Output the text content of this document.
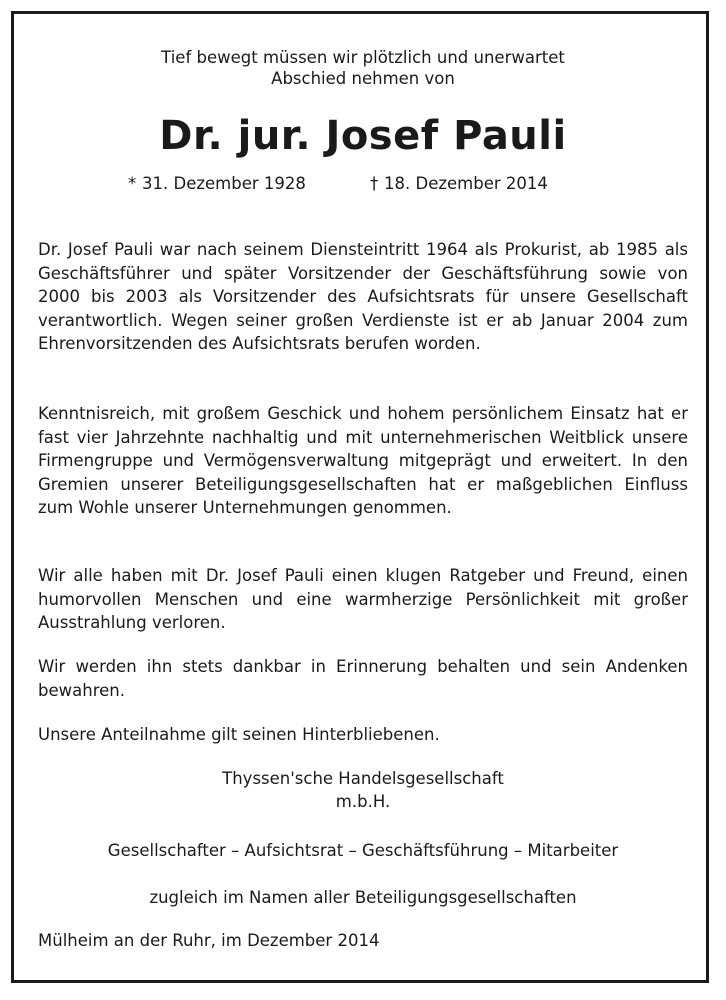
Tief bewegt müssen wir plötzlich und unerwartet
Abschied nehmen von
Dr. jur. Josef Pauli
* 31. Dezember 1928	† 18. Dezember 2014
Dr. Josef Pauli war nach seinem Diensteintritt 1964 als Prokurist, ab 1985 als Geschäftsführer und später Vorsitzender der Geschäftsführung sowie von 2000 bis 2003 als Vorsitzender des Aufsichtsrats für unsere Gesellschaft verantwortlich. Wegen seiner großen Verdienste ist er ab Januar 2004 zum Ehrenvorsitzenden des Aufsichtsrats berufen worden.
Kenntnisreich, mit großem Geschick und hohem persönlichem Einsatz hat er fast vier Jahrzehnte nachhaltig und mit unternehmerischen Weitblick unsere Firmengruppe und Vermögensverwaltung mitgeprägt und erweitert. In den Gremien unserer Beteiligungsgesellschaften hat er maßgeblichen Einfluss zum Wohle unserer Unternehmungen genommen.
Wir alle haben mit Dr. Josef Pauli einen klugen Ratgeber und Freund, einen humorvollen Menschen und eine warmherzige Persönlichkeit mit großer Ausstrahlung verloren.
Wir werden ihn stets dankbar in Erinnerung behalten und sein Andenken bewahren.
Unsere Anteilnahme gilt seinen Hinterbliebenen.
Thyssen'sche Handelsgesellschaft
m.b.H.
Gesellschafter – Aufsichtsrat – Geschäftsführung – Mitarbeiter
zugleich im Namen aller Beteiligungsgesellschaften
Mülheim an der Ruhr, im Dezember 2014
